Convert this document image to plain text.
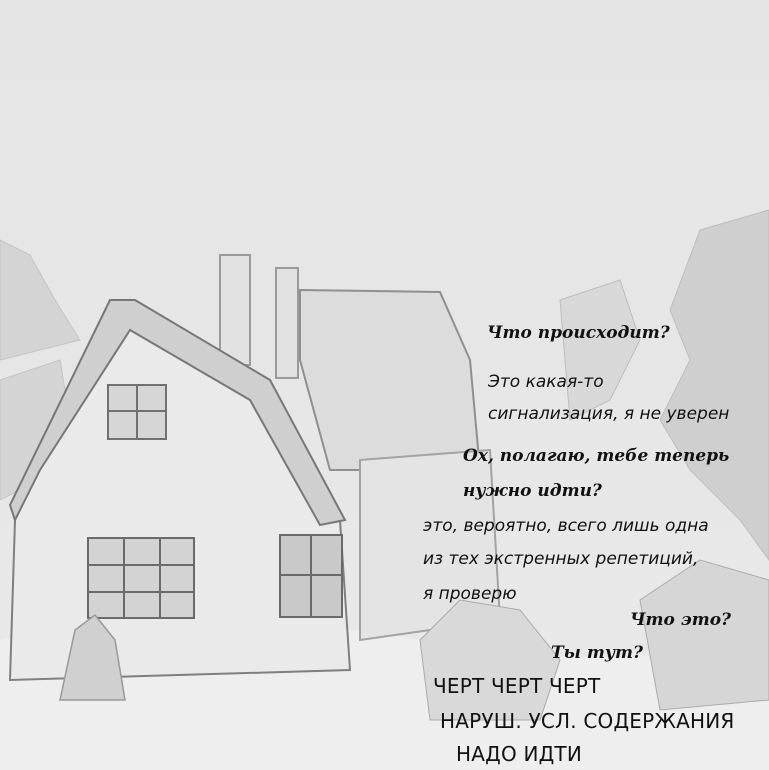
Что происходит?
Это какая-то
сигнализация, я не уверен
Ох, полагаю, тебе теперь
нужно идти?
это, вероятно, всего лишь одна
из тех экстренных репетиций,
я проверю
Что это?
Ты тут?
ЧЕРТ ЧЕРТ ЧЕРТ
НАРУШ. УСЛ. СОДЕРЖАНИЯ
НАДО ИДТИ
